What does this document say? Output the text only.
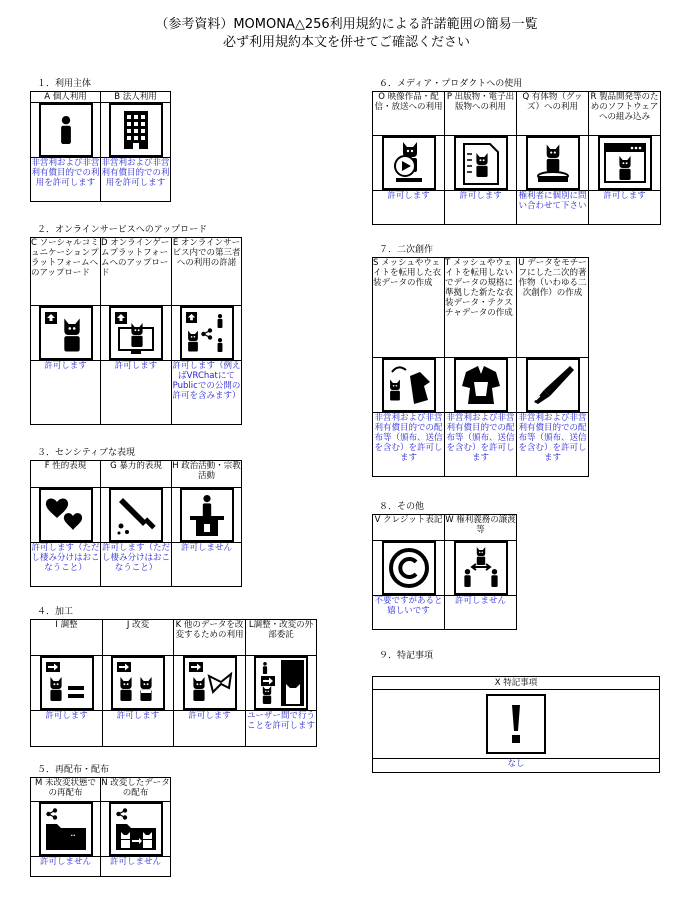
（参考資料）MOMONA△256利用規約による許諾範囲の簡易一覧
必ず利用規約本文を併せてご確認ください
１．利用主体
A 個人利用	B 法人利用

非営利および非営利有償目的での利用を許可します	非営利および非営利有償目的での利用を許可します
２．オンラインサービスへのアップロード
C ソーシャルコミュニケーションプラットフォームへのアップロード	D オンラインゲームプラットフォームへのアップロード	E オンラインサービス内での第三者への利用の許諾

許可します	許可します	許可します（例えばVRChatにてPublicでの公開の許可を含みます）
３．センシティブな表現
F 性的表現	G 暴力的表現	H 政治活動・宗教活動

許可します（ただし棲み分けはおこなうこと）	許可します（ただし棲み分けはおこなうこと）	許可しません
４．加工
I 調整	J 改変	K 他のデータを改変するための利用	L調整・改変の外部委託

許可します	許可します	許可します	ユーザー間で行うことを許可します
５．再配布・配布
M 未改変状態での再配布	N 改変したデータの配布

許可しません	許可しません
６．メディア・プロダクトへの使用
O 映像作品・配信・放送への利用	P 出版物・電子出版物への利用	Q 有体物（グッズ）への利用	R 製品開発等のためのソフトウェアへの組み込み

許可します	許可します	権利者に個別に問い合わせて下さい	許可します
７．二次創作
S メッシュやウェイトを転用した衣装データの作成	T メッシュやウェイトを転用しないでデータの規格に準拠した新たな衣装データ・テクスチャデータの作成	U データをモチーフにした二次的著作物（いわゆる二次創作）の作成

非営利および非営利有償目的での配布等（頒布、送信を含む）を許可します	非営利および非営利有償目的での配布等（頒布、送信を含む）を許可します	非営利および非営利有償目的での配布等（頒布、送信を含む）を許可します
８．その他
V クレジット表記	W 権利義務の譲渡等

不要ですがあると嬉しいです	許可しません
９．特記事項
X 特記事項

なし
